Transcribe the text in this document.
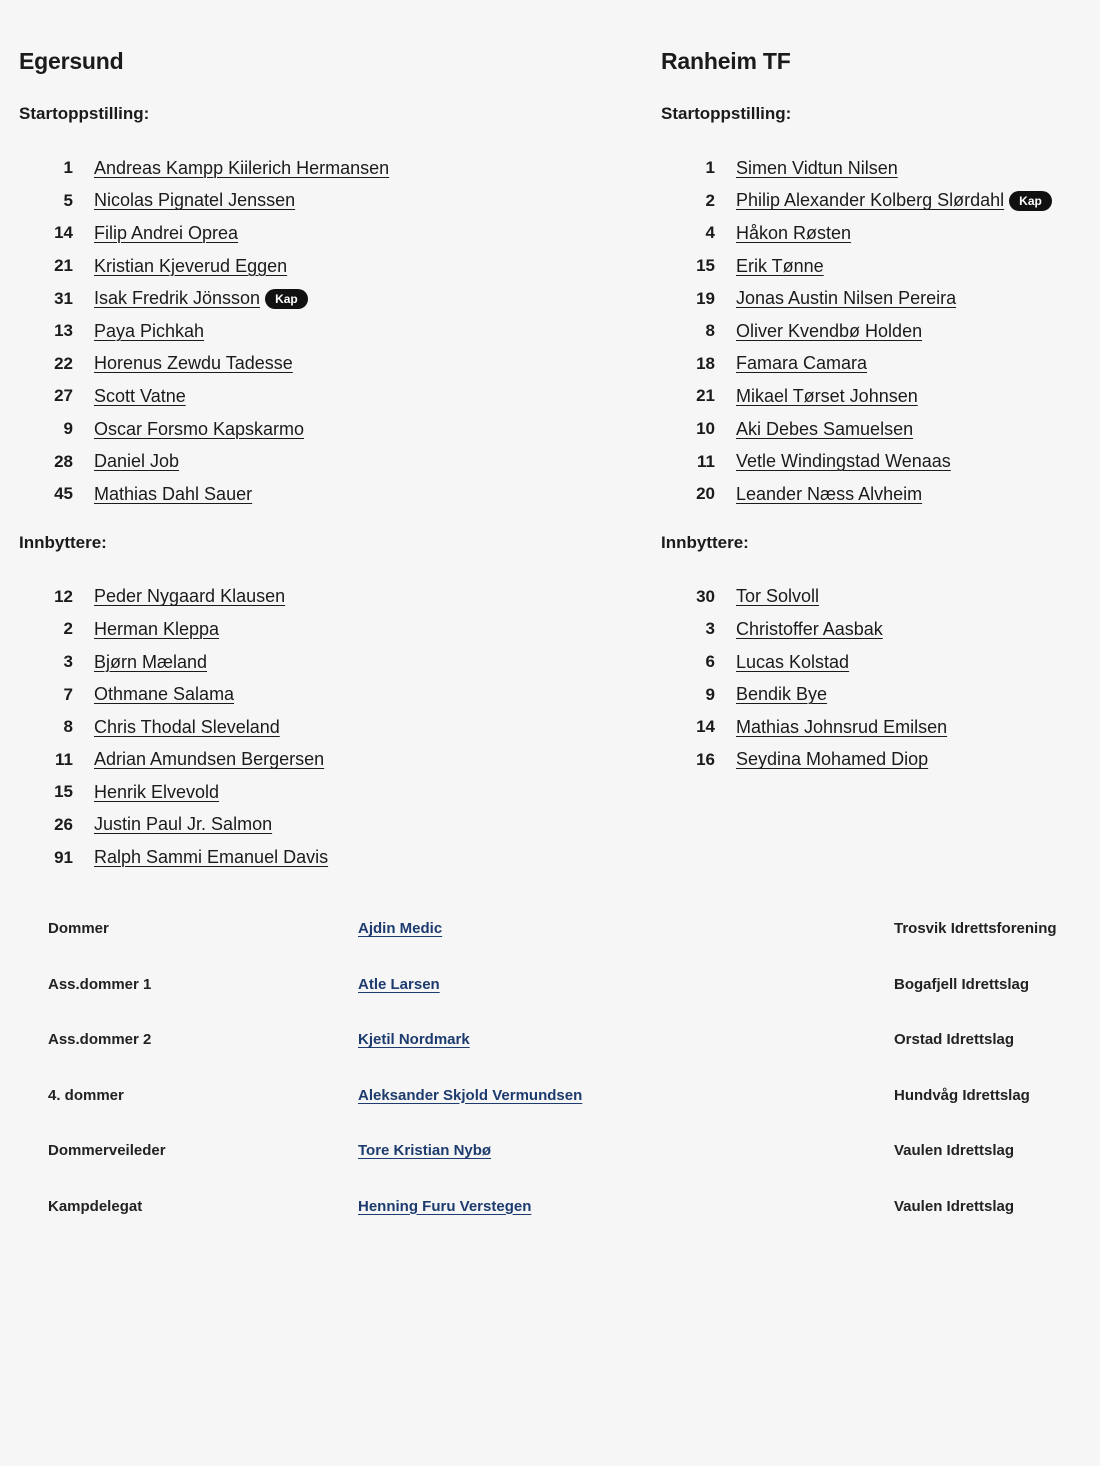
Egersund
Startoppstilling:
1 Andreas Kampp Kiilerich Hermansen
5 Nicolas Pignatel Jenssen
14 Filip Andrei Oprea
21 Kristian Kjeverud Eggen
31 Isak Fredrik Jönsson	Kap
13 Paya Pichkah
22 Horenus Zewdu Tadesse
27 Scott Vatne
9 Oscar Forsmo Kapskarmo
28 Daniel Job
45 Mathias Dahl Sauer
Innbyttere:
12 Peder Nygaard Klausen
2 Herman Kleppa
3 Bjørn Mæland
7 Othmane Salama
8 Chris Thodal Sleveland
11 Adrian Amundsen Bergersen
15 Henrik Elvevold
26 Justin Paul Jr. Salmon
91 Ralph Sammi Emanuel Davis
Ranheim TF
Startoppstilling:
1 Simen Vidtun Nilsen
2 Philip Alexander Kolberg Slørdahl	Kap
4 Håkon Røsten
15 Erik Tønne
19 Jonas Austin Nilsen Pereira
8 Oliver Kvendbø Holden
18 Famara Camara
21 Mikael Tørset Johnsen
10 Aki Debes Samuelsen
11 Vetle Windingstad Wenaas
20 Leander Næss Alvheim
Innbyttere:
30 Tor Solvoll
3 Christoffer Aasbak
6 Lucas Kolstad
9 Bendik Bye
14 Mathias Johnsrud Emilsen
16 Seydina Mohamed Diop
Dommer	Ajdin Medic	Trosvik Idrettsforening
Ass.dommer 1	Atle Larsen	Bogafjell Idrettslag
Ass.dommer 2	Kjetil Nordmark	Orstad Idrettslag
4. dommer	Aleksander Skjold Vermundsen	Hundvåg Idrettslag
Dommerveileder	Tore Kristian Nybø	Vaulen Idrettslag
Kampdelegat	Henning Furu Verstegen	Vaulen Idrettslag
